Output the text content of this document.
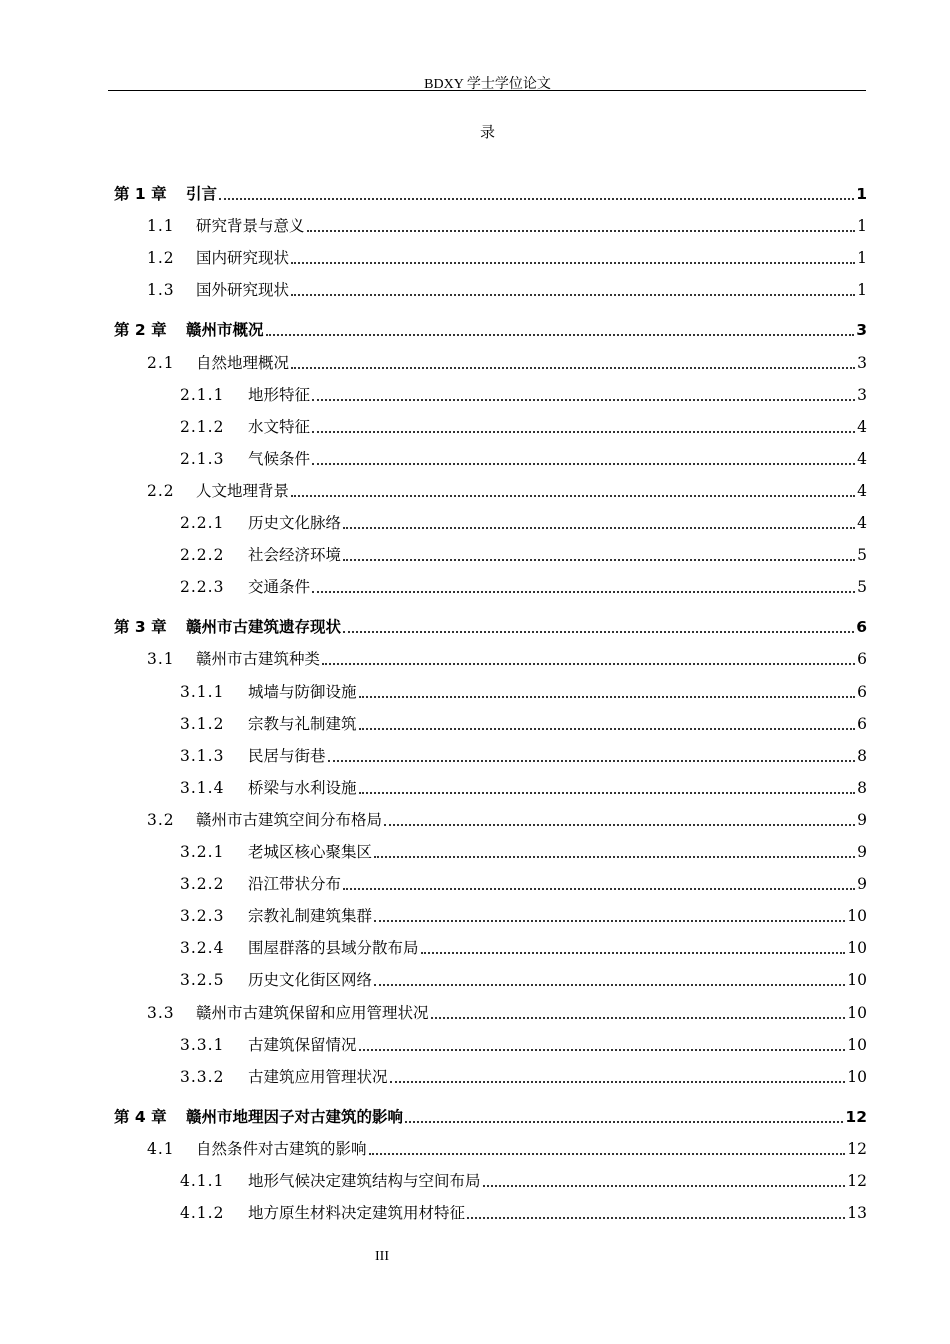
BDXY 学士学位论文
录
第 1 章	引言	1
1.1	研究背景与意义	1
1.2	国内研究现状	1
1.3	国外研究现状	1
第 2 章	赣州市概况	3
2.1	自然地理概况	3
2.1.1	地形特征	3
2.1.2	水文特征	4
2.1.3	气候条件	4
2.2	人文地理背景	4
2.2.1	历史文化脉络	4
2.2.2	社会经济环境	5
2.2.3	交通条件	5
第 3 章	赣州市古建筑遗存现状	6
3.1	赣州市古建筑种类	6
3.1.1	城墙与防御设施	6
3.1.2	宗教与礼制建筑	6
3.1.3	民居与街巷	8
3.1.4	桥梁与水利设施	8
3.2	赣州市古建筑空间分布格局	9
3.2.1	老城区核心聚集区	9
3.2.2	沿江带状分布	9
3.2.3	宗教礼制建筑集群	10
3.2.4	围屋群落的县域分散布局	10
3.2.5	历史文化街区网络	10
3.3	赣州市古建筑保留和应用管理状况	10
3.3.1	古建筑保留情况	10
3.3.2	古建筑应用管理状况	10
第 4 章	赣州市地理因子对古建筑的影响	12
4.1	自然条件对古建筑的影响	12
4.1.1	地形气候决定建筑结构与空间布局	12
4.1.2	地方原生材料决定建筑用材特征	13
III
